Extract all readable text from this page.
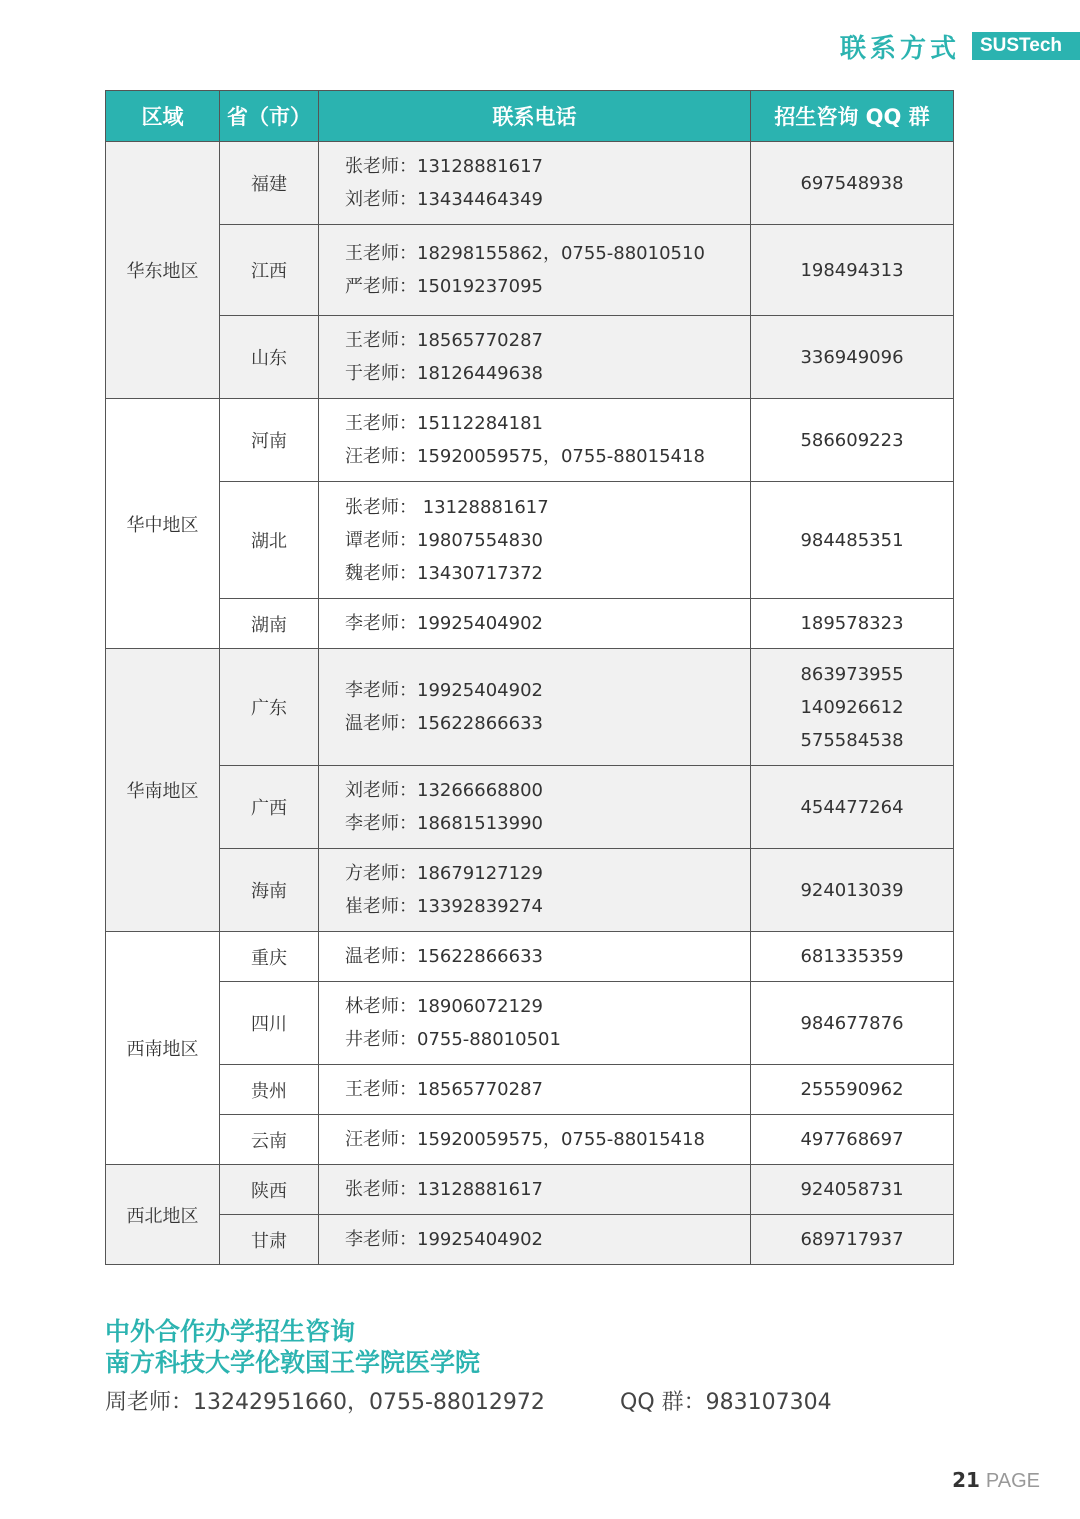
联系方式	SUSTech
区域	省（市）	联系电话	招生咨询 QQ 群
华东地区	福建	张老师：13128881617
刘老师：13434464349	697548938

	江西	王老师：18298155862，0755-88010510
严老师：15019237095	198494313

	山东	王老师：18565770287
于老师：18126449638	336949096

华中地区	河南	王老师：15112284181
汪老师：15920059575，0755-88015418	586609223

	湖北	张老师： 13128881617
谭老师：19807554830
魏老师：13430717372	984485351

	湖南	李老师：19925404902	189578323

华南地区	广东	李老师：19925404902
温老师：15622866633	863973955
140926612
575584538

	广西	刘老师：13266668800
李老师：18681513990	454477264

	海南	方老师：18679127129
崔老师：13392839274	924013039

西南地区	重庆	温老师：15622866633	681335359

	四川	林老师：18906072129
井老师：0755-88010501	984677876

	贵州	王老师：18565770287	255590962

	云南	汪老师：15920059575，0755-88015418	497768697

西北地区	陕西	张老师：13128881617	924058731

	甘肃	李老师：19925404902	689717937
中外合作办学招生咨询
南方科技大学伦敦国王学院医学院
周老师：13242951660，0755-88012972	QQ 群：983107304
21 PAGE
